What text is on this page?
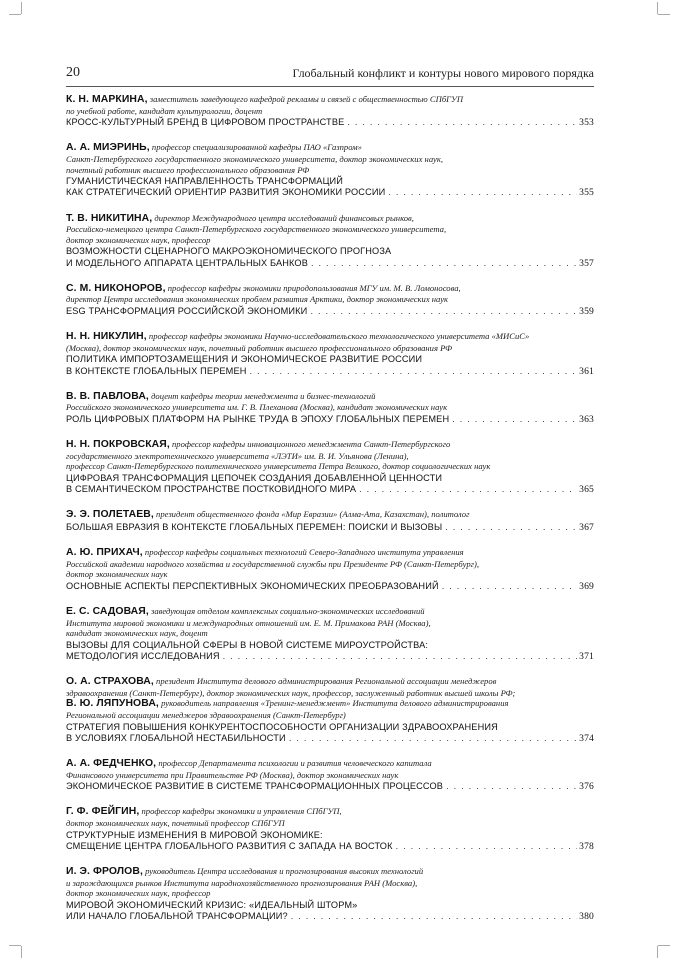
20	Глобальный конфликт и контуры нового мирового порядка
К. Н. МАРКИНА, заместитель заведующего кафедрой рекламы и связей с общественностью СПбГУП
по учебной работе, кандидат культурологии, доцент
КРОСС-КУЛЬТУРНЫЙ БРЕНД В ЦИФРОВОМ ПРОСТРАНСТВЕ . . .	353
А. А. МИЭРИНЬ, профессор специализированной кафедры ПАО «Газпром»
Санкт-Петербургского государственного экономического университета, доктор экономических наук,
почетный работник высшего профессионального образования РФ
ГУМАНИСТИЧЕСКАЯ НАПРАВЛЕННОСТЬ ТРАНСФОРМАЦИЙ
КАК СТРАТЕГИЧЕСКИЙ ОРИЕНТИР РАЗВИТИЯ ЭКОНОМИКИ РОССИИ . . .	355
Т. В. НИКИТИНА, директор Международного центра исследований финансовых рынков,
Российско-немецкого центра Санкт-Петербургского государственного экономического университета,
доктор экономических наук, профессор
ВОЗМОЖНОСТИ СЦЕНАРНОГО МАКРОЭКОНОМИЧЕСКОГО ПРОГНОЗА
И МОДЕЛЬНОГО АППАРАТА ЦЕНТРАЛЬНЫХ БАНКОВ . . .	357
С. М. НИКОНОРОВ, профессор кафедры экономики природопользования МГУ им. М. В. Ломоносова,
директор Центра исследования экономических проблем развития Арктики, доктор экономических наук
ESG ТРАНСФОРМАЦИЯ РОССИЙСКОЙ ЭКОНОМИКИ . . .	359
Н. Н. НИКУЛИН, профессор кафедры экономики Научно-исследовательского технологического университета «МИСиС»
(Москва), доктор экономических наук, почетный работник высшего профессионального образования РФ
ПОЛИТИКА ИМПОРТОЗАМЕЩЕНИЯ И ЭКОНОМИЧЕСКОЕ РАЗВИТИЕ РОССИИ
В КОНТЕКСТЕ ГЛОБАЛЬНЫХ ПЕРЕМЕН . . .	361
В. В. ПАВЛОВА, доцент кафедры теории менеджмента и бизнес-технологий
Российского экономического университета им. Г. В. Плеханова (Москва), кандидат экономических наук
РОЛЬ ЦИФРОВЫХ ПЛАТФОРМ НА РЫНКЕ ТРУДА В ЭПОХУ ГЛОБАЛЬНЫХ ПЕРЕМЕН . . .	363
Н. Н. ПОКРОВСКАЯ, профессор кафедры инновационного менеджмента Санкт-Петербургского
государственного электротехнического университета «ЛЭТИ» им. В. И. Ульянова (Ленина),
профессор Санкт-Петербургского политехнического университета Петра Великого, доктор социологических наук
ЦИФРОВАЯ ТРАНСФОРМАЦИЯ ЦЕПОЧЕК СОЗДАНИЯ ДОБАВЛЕННОЙ ЦЕННОСТИ
В СЕМАНТИЧЕСКОМ ПРОСТРАНСТВЕ ПОСТКОВИДНОГО МИРА . . .	365
Э. Э. ПОЛЕТАЕВ, президент общественного фонда «Мир Евразии» (Алма-Ата, Казахстан), политолог
БОЛЬШАЯ ЕВРАЗИЯ В КОНТЕКСТЕ ГЛОБАЛЬНЫХ ПЕРЕМЕН: ПОИСКИ И ВЫЗОВЫ . . .	367
А. Ю. ПРИХАЧ, профессор кафедры социальных технологий Северо-Западного института управления
Российской академии народного хозяйства и государственной службы при Президенте РФ (Санкт-Петербург),
доктор экономических наук
ОСНОВНЫЕ АСПЕКТЫ ПЕРСПЕКТИВНЫХ ЭКОНОМИЧЕСКИХ ПРЕОБРАЗОВАНИЙ . . .	369
Е. С. САДОВАЯ, заведующая отделом комплексных социально-экономических исследований
Института мировой экономики и международных отношений им. Е. М. Примакова РАН (Москва),
кандидат экономических наук, доцент
ВЫЗОВЫ ДЛЯ СОЦИАЛЬНОЙ СФЕРЫ В НОВОЙ СИСТЕМЕ МИРОУСТРОЙСТВА:
МЕТОДОЛОГИЯ ИССЛЕДОВАНИЯ . . .	371
О. А. СТРАХОВА, президент Института делового администрирования Региональной ассоциации менеджеров
здравоохранения (Санкт-Петербург), доктор экономических наук, профессор, заслуженный работник высшей школы РФ;
В. Ю. ЛЯПУНОВА, руководитель направления «Тренинг-менеджмент» Института делового администрирования
Региональной ассоциации менеджеров здравоохранения (Санкт-Петербург)
СТРАТЕГИЯ ПОВЫШЕНИЯ КОНКУРЕНТОСПОСОБНОСТИ ОРГАНИЗАЦИИ ЗДРАВООХРАНЕНИЯ
В УСЛОВИЯХ ГЛОБАЛЬНОЙ НЕСТАБИЛЬНОСТИ . . .	374
А. А. ФЕДЧЕНКО, профессор Департамента психологии и развития человеческого капитала
Финансового университета при Правительстве РФ (Москва), доктор экономических наук
ЭКОНОМИЧЕСКОЕ РАЗВИТИЕ В СИСТЕМЕ ТРАНСФОРМАЦИОННЫХ ПРОЦЕССОВ . . .	376
Г. Ф. ФЕЙГИН, профессор кафедры экономики и управления СПбГУП,
доктор экономических наук, почетный профессор СПбГУП
СТРУКТУРНЫЕ ИЗМЕНЕНИЯ В МИРОВОЙ ЭКОНОМИКЕ:
СМЕЩЕНИЕ ЦЕНТРА ГЛОБАЛЬНОГО РАЗВИТИЯ С ЗАПАДА НА ВОСТОК . . .	378
И. Э. ФРОЛОВ, руководитель Центра исследования и прогнозирования высоких технологий
и зарождающихся рынков Института народнохозяйственного прогнозирования РАН (Москва),
доктор экономических наук, профессор
МИРОВОЙ ЭКОНОМИЧЕСКИЙ КРИЗИС: «ИДЕАЛЬНЫЙ ШТОРМ»
ИЛИ НАЧАЛО ГЛОБАЛЬНОЙ ТРАНСФОРМАЦИИ? . . .	380
